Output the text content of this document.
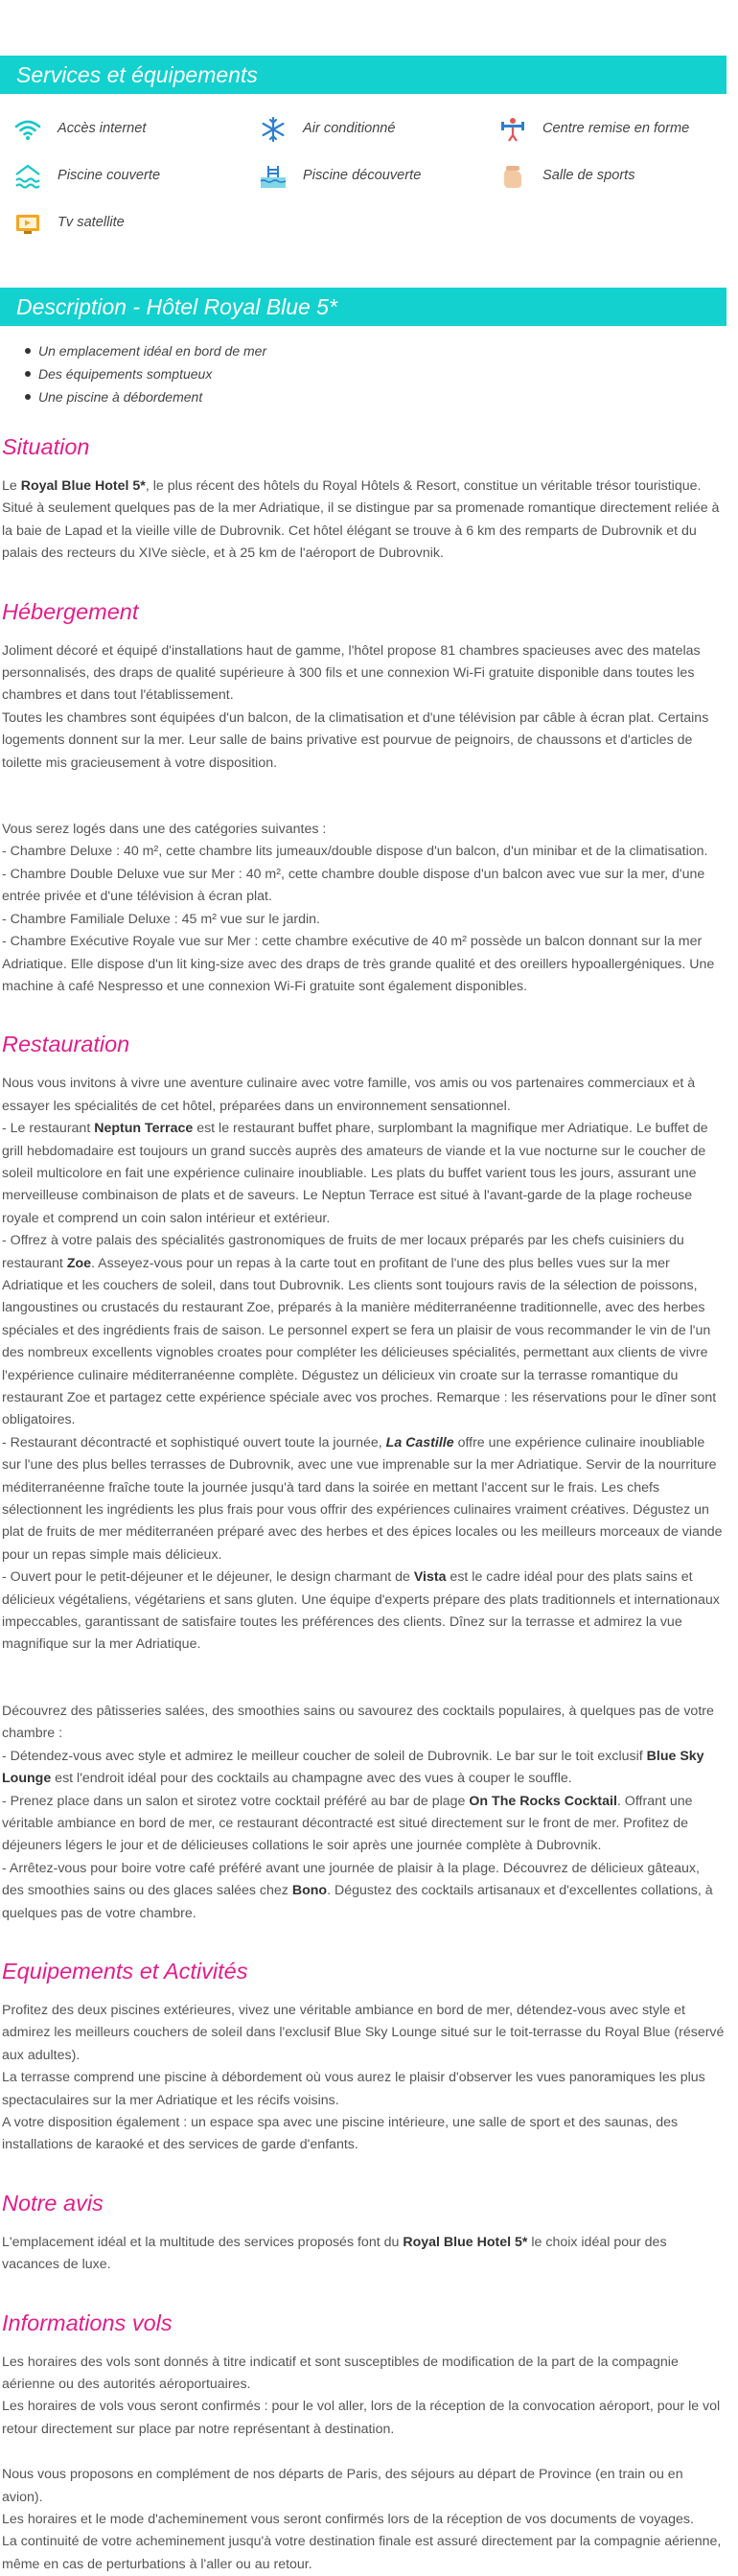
Services et équipements
Accès internet	Air conditionné	Centre remise en forme
Piscine couverte	Piscine découverte	Salle de sports
Tv satellite
Description - Hôtel Royal Blue 5*
Un emplacement idéal en bord de mer
Des équipements somptueux
Une piscine à débordement
Situation

Le Royal Blue Hotel 5*, le plus récent des hôtels du Royal Hôtels & Resort, constitue un véritable trésor touristique. Situé à seulement quelques pas de la mer Adriatique, il se distingue par sa promenade romantique directement reliée à la baie de Lapad et la vieille ville de Dubrovnik. Cet hôtel élégant se trouve à 6 km des remparts de Dubrovnik et du palais des recteurs du XIVe siècle, et à 25 km de l'aéroport de Dubrovnik.

Hébergement

Joliment décoré et équipé d'installations haut de gamme, l'hôtel propose 81 chambres spacieuses avec des matelas personnalisés, des draps de qualité supérieure à 300 fils et une connexion Wi-Fi gratuite disponible dans toutes les chambres et dans tout l'établissement.

Toutes les chambres sont équipées d'un balcon, de la climatisation et d'une télévision par câble à écran plat. Certains logements donnent sur la mer. Leur salle de bains privative est pourvue de peignoirs, de chaussons et d'articles de toilette mis gracieusement à votre disposition.

Vous serez logés dans une des catégories suivantes :

- Chambre Deluxe : 40 m², cette chambre lits jumeaux/double dispose d'un balcon, d'un minibar et de la climatisation.

- Chambre Double Deluxe vue sur Mer : 40 m², cette chambre double dispose d'un balcon avec vue sur la mer, d'une entrée privée et d'une télévision à écran plat.

- Chambre Familiale Deluxe : 45 m² vue sur le jardin.

- Chambre Exécutive Royale vue sur Mer : cette chambre exécutive de 40 m² possède un balcon donnant sur la mer Adriatique. Elle dispose d'un lit king-size avec des draps de très grande qualité et des oreillers hypoallergéniques. Une machine à café Nespresso et une connexion Wi-Fi gratuite sont également disponibles.

Restauration

Nous vous invitons à vivre une aventure culinaire avec votre famille, vos amis ou vos partenaires commerciaux et à essayer les spécialités de cet hôtel, préparées dans un environnement sensationnel.

- Le restaurant Neptun Terrace est le restaurant buffet phare, surplombant la magnifique mer Adriatique. Le buffet de grill hebdomadaire est toujours un grand succès auprès des amateurs de viande et la vue nocturne sur le coucher de soleil multicolore en fait une expérience culinaire inoubliable. Les plats du buffet varient tous les jours, assurant une merveilleuse combinaison de plats et de saveurs. Le Neptun Terrace est situé à l'avant-garde de la plage rocheuse royale et comprend un coin salon intérieur et extérieur.

- Offrez à votre palais des spécialités gastronomiques de fruits de mer locaux préparés par les chefs cuisiniers du restaurant Zoe. Asseyez-vous pour un repas à la carte tout en profitant de l'une des plus belles vues sur la mer Adriatique et les couchers de soleil, dans tout Dubrovnik. Les clients sont toujours ravis de la sélection de poissons, langoustines ou crustacés du restaurant Zoe, préparés à la manière méditerranéenne traditionnelle, avec des herbes spéciales et des ingrédients frais de saison. Le personnel expert se fera un plaisir de vous recommander le vin de l'un des nombreux excellents vignobles croates pour compléter les délicieuses spécialités, permettant aux clients de vivre l'expérience culinaire méditerranéenne complète. Dégustez un délicieux vin croate sur la terrasse romantique du restaurant Zoe et partagez cette expérience spéciale avec vos proches. Remarque : les réservations pour le dîner sont obligatoires.

- Restaurant décontracté et sophistiqué ouvert toute la journée, La Castille offre une expérience culinaire inoubliable sur l'une des plus belles terrasses de Dubrovnik, avec une vue imprenable sur la mer Adriatique. Servir de la nourriture méditerranéenne fraîche toute la journée jusqu'à tard dans la soirée en mettant l'accent sur le frais. Les chefs sélectionnent les ingrédients les plus frais pour vous offrir des expériences culinaires vraiment créatives. Dégustez un plat de fruits de mer méditerranéen préparé avec des herbes et des épices locales ou les meilleurs morceaux de viande pour un repas simple mais délicieux.

- Ouvert pour le petit-déjeuner et le déjeuner, le design charmant de Vista est le cadre idéal pour des plats sains et délicieux végétaliens, végétariens et sans gluten. Une équipe d'experts prépare des plats traditionnels et internationaux impeccables, garantissant de satisfaire toutes les préférences des clients. Dînez sur la terrasse et admirez la vue magnifique sur la mer Adriatique.

Découvrez des pâtisseries salées, des smoothies sains ou savourez des cocktails populaires, à quelques pas de votre chambre :

- Détendez-vous avec style et admirez le meilleur coucher de soleil de Dubrovnik. Le bar sur le toit exclusif Blue Sky Lounge est l'endroit idéal pour des cocktails au champagne avec des vues à couper le souffle.

- Prenez place dans un salon et sirotez votre cocktail préféré au bar de plage On The Rocks Cocktail. Offrant une véritable ambiance en bord de mer, ce restaurant décontracté est situé directement sur le front de mer. Profitez de déjeuners légers le jour et de délicieuses collations le soir après une journée complète à Dubrovnik.

- Arrêtez-vous pour boire votre café préféré avant une journée de plaisir à la plage. Découvrez de délicieux gâteaux, des smoothies sains ou des glaces salées chez Bono. Dégustez des cocktails artisanaux et d'excellentes collations, à quelques pas de votre chambre.

Equipements et Activités

Profitez des deux piscines extérieures, vivez une véritable ambiance en bord de mer, détendez-vous avec style et admirez les meilleurs couchers de soleil dans l'exclusif Blue Sky Lounge situé sur le toit-terrasse du Royal Blue (réservé aux adultes).

La terrasse comprend une piscine à débordement où vous aurez le plaisir d'observer les vues panoramiques les plus spectaculaires sur la mer Adriatique et les récifs voisins.

A votre disposition également : un espace spa avec une piscine intérieure, une salle de sport et des saunas, des installations de karaoké et des services de garde d'enfants.

Notre avis

L'emplacement idéal et la multitude des services proposés font du Royal Blue Hotel 5* le choix idéal pour des vacances de luxe.

Informations vols

Les horaires des vols sont donnés à titre indicatif et sont susceptibles de modification de la part de la compagnie aérienne ou des autorités aéroportuaires.

Les horaires de vols vous seront confirmés : pour le vol aller, lors de la réception de la convocation aéroport, pour le vol retour directement sur place par notre représentant à destination.

Nous vous proposons en complément de nos départs de Paris, des séjours au départ de Province (en train ou en avion).

Les horaires et le mode d'acheminement vous seront confirmés lors de la réception de vos documents de voyages.

La continuité de votre acheminement jusqu'à votre destination finale est assuré directement par la compagnie aérienne, même en cas de perturbations à l'aller ou au retour.
